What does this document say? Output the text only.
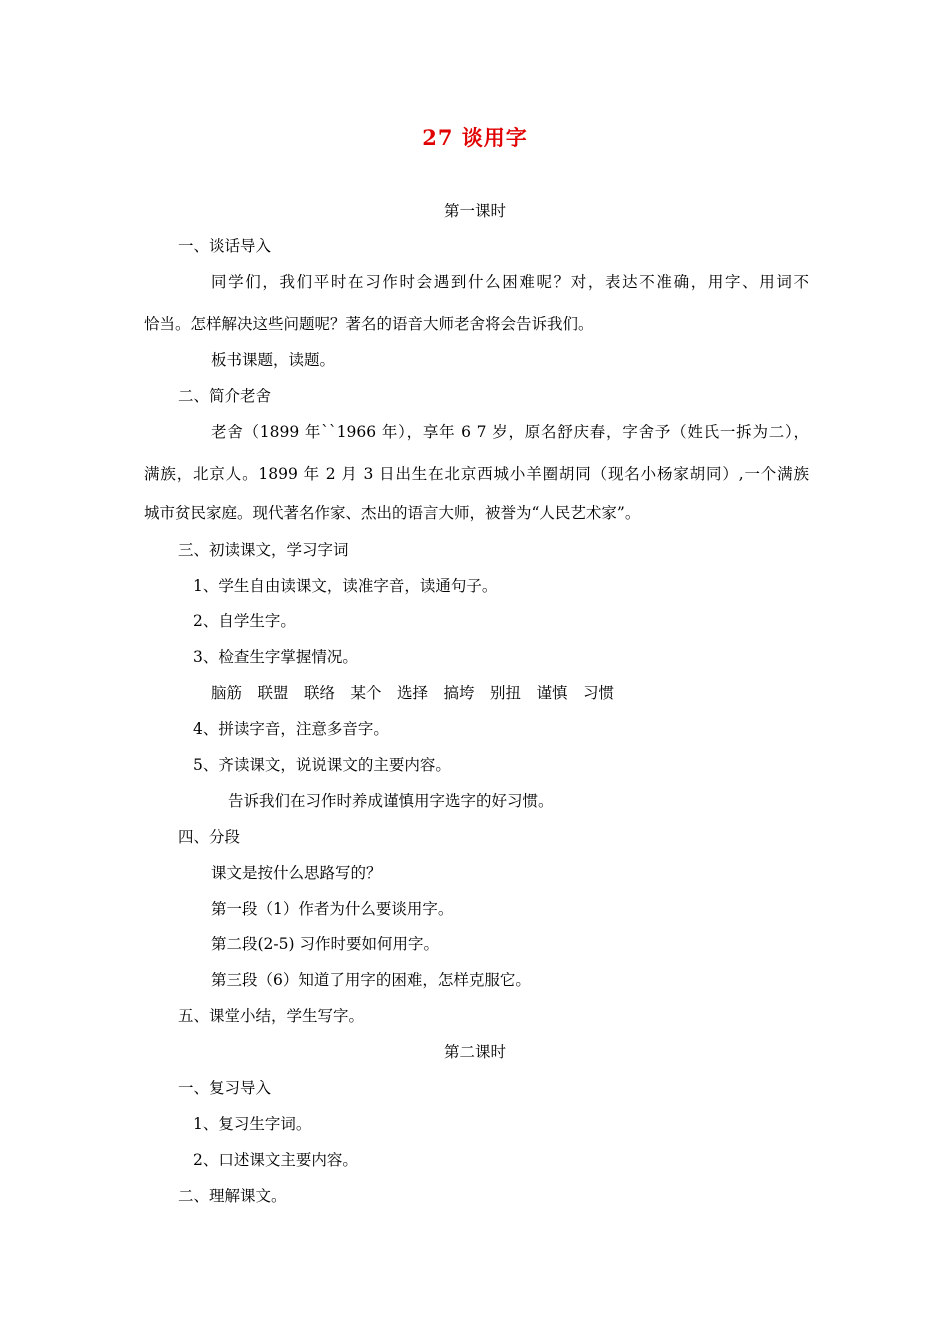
27 谈用字
第一课时
一、谈话导入
同学们，我们平时在习作时会遇到什么困难呢？对，表达不准确，用字、用词不
恰当。怎样解决这些问题呢？著名的语音大师老舍将会告诉我们。
板书课题，读题。
二、简介老舍
老舍（1899 年``1966 年），享年 6 7 岁，原名舒庆春，字舍予（姓氏一拆为二），
满族，北京人。1899 年 2 月 3 日出生在北京西城小羊圈胡同（现名小杨家胡同）,一个满族
城市贫民家庭。现代著名作家、杰出的语言大师，被誉为“人民艺术家”。
三、初读课文，学习字词
1、学生自由读课文，读准字音，读通句子。
2、自学生字。
3、检查生字掌握情况。
脑筋　联盟　联络　某个　选择　搞垮　别扭　谨慎　习惯
4、拼读字音，注意多音字。
5、齐读课文，说说课文的主要内容。
告诉我们在习作时养成谨慎用字选字的好习惯。
四、分段
课文是按什么思路写的？
第一段（1）作者为什么要谈用字。
第二段(2-5) 习作时要如何用字。
第三段（6）知道了用字的困难，怎样克服它。
五、课堂小结，学生写字。
第二课时
一、复习导入
1、复习生字词。
2、口述课文主要内容。
二、理解课文。
